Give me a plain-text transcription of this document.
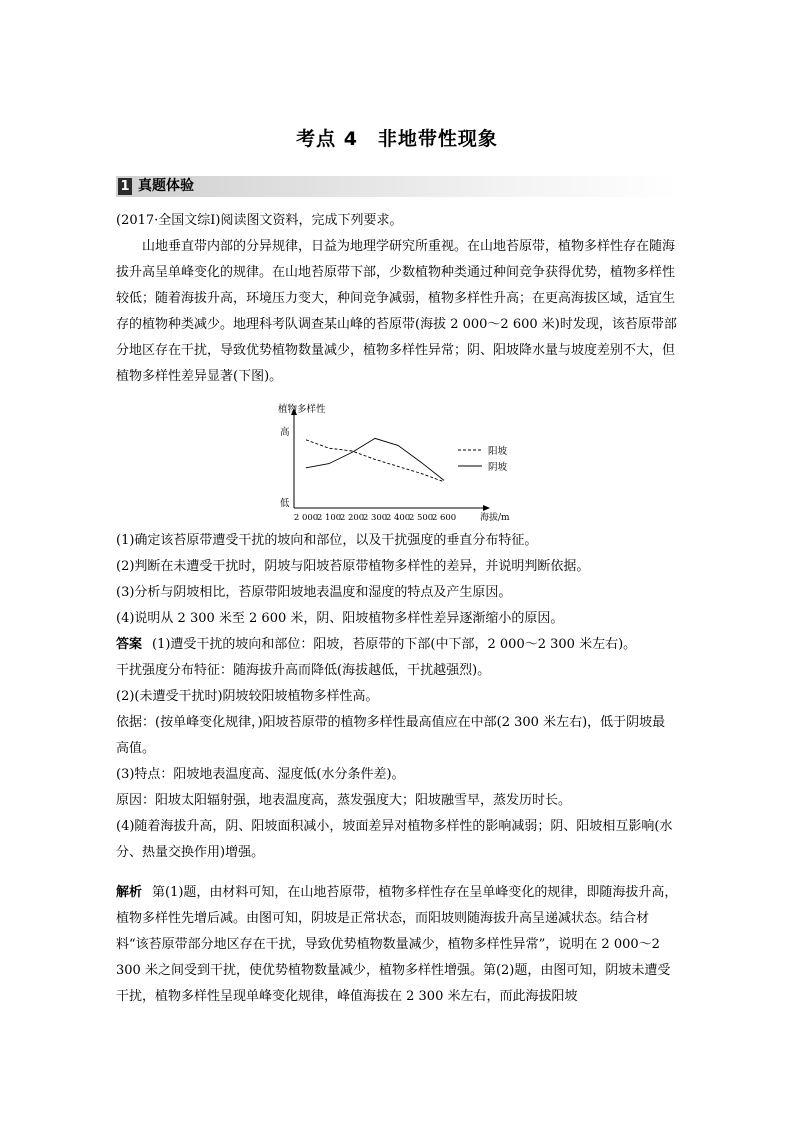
考点 4　非地带性现象
1 真题体验
(2017·全国文综Ⅰ)阅读图文资料，完成下列要求。
山地垂直带内部的分异规律，日益为地理学研究所重视。在山地苔原带，植物多样性存在随海拔升高呈单峰变化的规律。在山地苔原带下部，少数植物种类通过种间竞争获得优势，植物多样性较低；随着海拔升高，环境压力变大，种间竞争减弱，植物多样性升高；在更高海拔区域，适宜生存的植物种类减少。地理科考队调查某山峰的苔原带(海拔 2 000～2 600 米)时发现，该苔原带部分地区存在干扰，导致优势植物数量减少，植物多样性异常；阴、阳坡降水量与坡度差别不大，但植物多样性差异显著(下图)。
植物多样性
高
低
2 000
2 100
2 200
2 300
2 400
2 500
2 600	海拔/m
阳坡
阴坡

(1)确定该苔原带遭受干扰的坡向和部位，以及干扰强度的垂直分布特征。

(2)判断在未遭受干扰时，阴坡与阳坡苔原带植物多样性的差异，并说明判断依据。

(3)分析与阴坡相比，苔原带阳坡地表温度和湿度的特点及产生原因。

(4)说明从 2 300 米至 2 600 米，阴、阳坡植物多样性差异逐渐缩小的原因。

答案 (1)遭受干扰的坡向和部位：阳坡，苔原带的下部(中下部，2 000～2 300 米左右)。

干扰强度分布特征：随海拔升高而降低(海拔越低，干扰越强烈)。

(2)(未遭受干扰时)阴坡较阳坡植物多样性高。

依据：(按单峰变化规律，)阳坡苔原带的植物多样性最高值应在中部(2 300 米左右)，低于阴坡最高值。

(3)特点：阳坡地表温度高、湿度低(水分条件差)。

原因：阳坡太阳辐射强，地表温度高，蒸发强度大；阳坡融雪早，蒸发历时长。

(4)随着海拔升高，阴、阳坡面积减小，坡面差异对植物多样性的影响减弱；阴、阳坡相互影响(水分、热量交换作用)增强。

解析 第(1)题，由材料可知，在山地苔原带，植物多样性存在呈单峰变化的规律，即随海拔升高，植物多样性先增后减。由图可知，阴坡是正常状态，而阳坡则随海拔升高呈递减状态。结合材料“该苔原带部分地区存在干扰，导致优势植物数量减少，植物多样性异常”，说明在 2 000～2 300 米之间受到干扰，使优势植物数量减少，植物多样性增强。第(2)题，由图可知，阴坡未遭受干扰，植物多样性呈现单峰变化规律，峰值海拔在 2 300 米左右，而此海拔阳坡
